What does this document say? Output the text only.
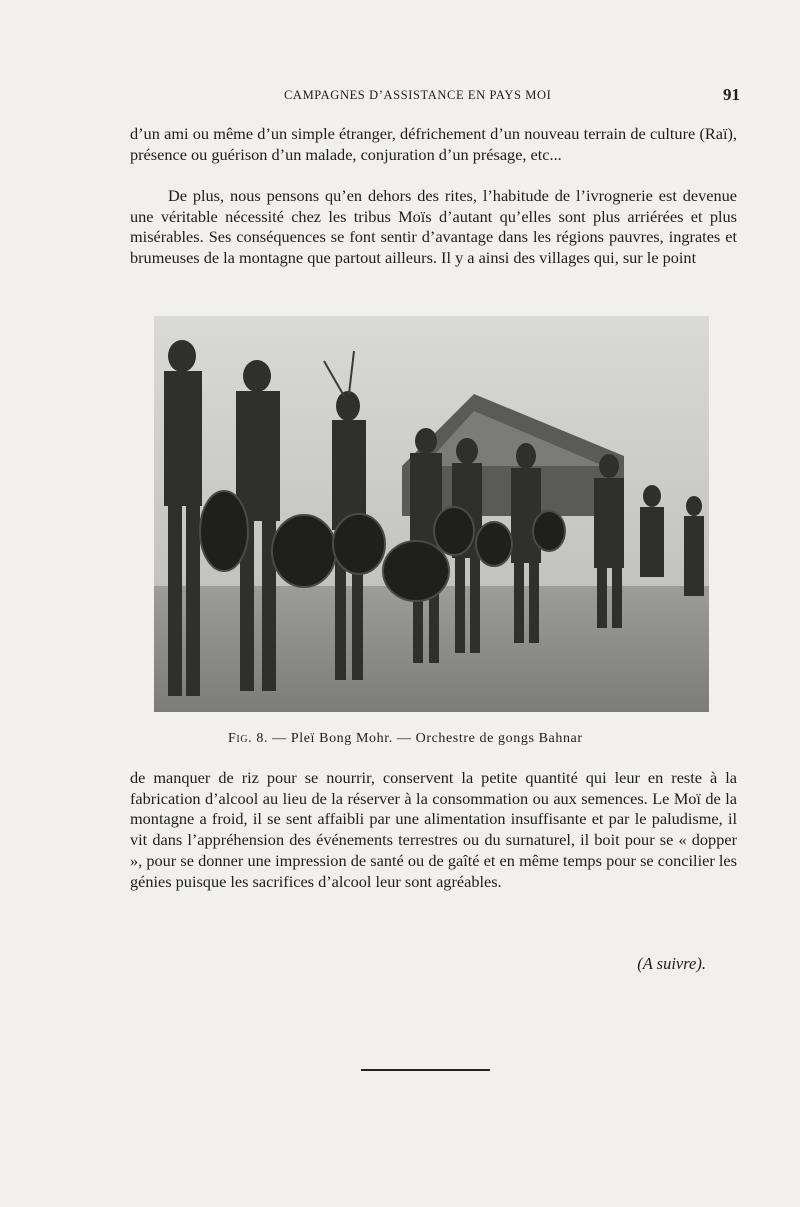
CAMPAGNES D’ASSISTANCE EN PAYS MOI	91

d’un ami ou même d’un simple étranger, défrichement d’un nouveau terrain de culture (Raï), présence ou guérison d’un malade, conjuration d’un présage, etc...

De plus, nous pensons qu’en dehors des rites, l’habitude de l’ivrognerie est devenue une véritable nécessité chez les tribus Moïs d’autant qu’elles sont plus arriérées et plus misérables. Ses conséquences se font sentir d’avantage dans les régions pauvres, ingrates et brumeuses de la montagne que partout ailleurs. Il y a ainsi des villages qui, sur le point

Fig. 8. — Pleï Bong Mohr. — Orchestre de gongs Bahnar

de manquer de riz pour se nourrir, conservent la petite quantité qui leur en reste à la fabrication d’alcool au lieu de la réserver à la consommation ou aux semences. Le Moï de la montagne a froid, il se sent affaibli par une alimentation insuffisante et par le paludisme, il vit dans l’appréhension des événements terrestres ou du surnaturel, il boit pour se « dopper », pour se donner une impression de santé ou de gaîté et en même temps pour se concilier les génies puisque les sacrifices d’alcool leur sont agréables.

(A suivre).
